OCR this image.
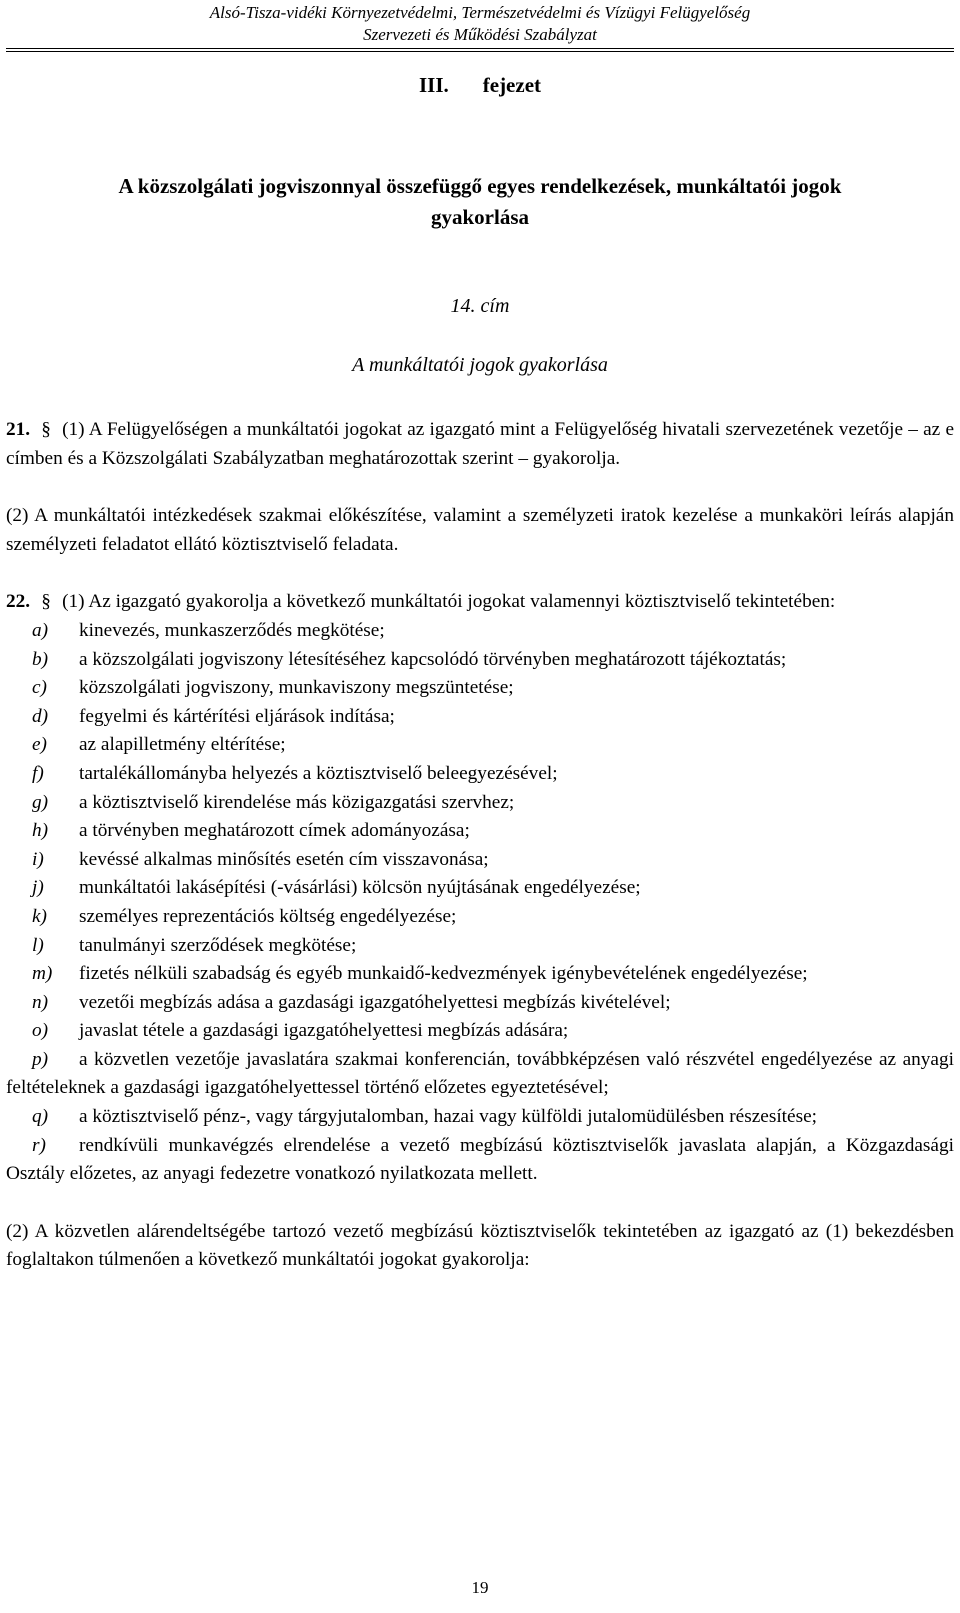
Alsó-Tisza-vidéki Környezetvédelmi, Természetvédelmi és Vízügyi Felügyelőség
Szervezeti és Működési Szabályzat
III. fejezet
A közszolgálati jogviszonnyal összefüggő egyes rendelkezések, munkáltatói jogok
gyakorlása
14. cím
A munkáltatói jogok gyakorlása

21. § (1) A Felügyelőségen a munkáltatói jogokat az igazgató mint a Felügyelőség hivatali szervezetének vezetője – az e címben és a Közszolgálati Szabályzatban meghatározottak szerint – gyakorolja.

(2) A munkáltatói intézkedések szakmai előkészítése, valamint a személyzeti iratok kezelése a munkaköri leírás alapján személyzeti feladatot ellátó köztisztviselő feladata.

22. § (1) Az igazgató gyakorolja a következő munkáltatói jogokat valamennyi köztisztviselő tekintetében:

a) kinevezés, munkaszerződés megkötése;

b) a közszolgálati jogviszony létesítéséhez kapcsolódó törvényben meghatározott tájékoztatás;

c) közszolgálati jogviszony, munkaviszony megszüntetése;

d) fegyelmi és kártérítési eljárások indítása;

e) az alapilletmény eltérítése;

f) tartalékállományba helyezés a köztisztviselő beleegyezésével;

g) a köztisztviselő kirendelése más közigazgatási szervhez;

h) a törvényben meghatározott címek adományozása;

i) kevéssé alkalmas minősítés esetén cím visszavonása;

j) munkáltatói lakásépítési (-vásárlási) kölcsön nyújtásának engedélyezése;

k) személyes reprezentációs költség engedélyezése;

l) tanulmányi szerződések megkötése;

m) fizetés nélküli szabadság és egyéb munkaidő-kedvezmények igénybevételének engedélyezése;

n) vezetői megbízás adása a gazdasági igazgatóhelyettesi megbízás kivételével;

o) javaslat tétele a gazdasági igazgatóhelyettesi megbízás adására;

p) a közvetlen vezetője javaslatára szakmai konferencián, továbbképzésen való részvétel engedélyezése az anyagi feltételeknek a gazdasági igazgatóhelyettessel történő előzetes egyeztetésével;

q) a köztisztviselő pénz-, vagy tárgyjutalomban, hazai vagy külföldi jutalomüdülésben részesítése;

r) rendkívüli munkavégzés elrendelése a vezető megbízású köztisztviselők javaslata alapján, a Közgazdasági Osztály előzetes, az anyagi fedezetre vonatkozó nyilatkozata mellett.

(2) A közvetlen alárendeltségébe tartozó vezető megbízású köztisztviselők tekintetében az igazgató az (1) bekezdésben foglaltakon túlmenően a következő munkáltatói jogokat gyakorolja:

19
